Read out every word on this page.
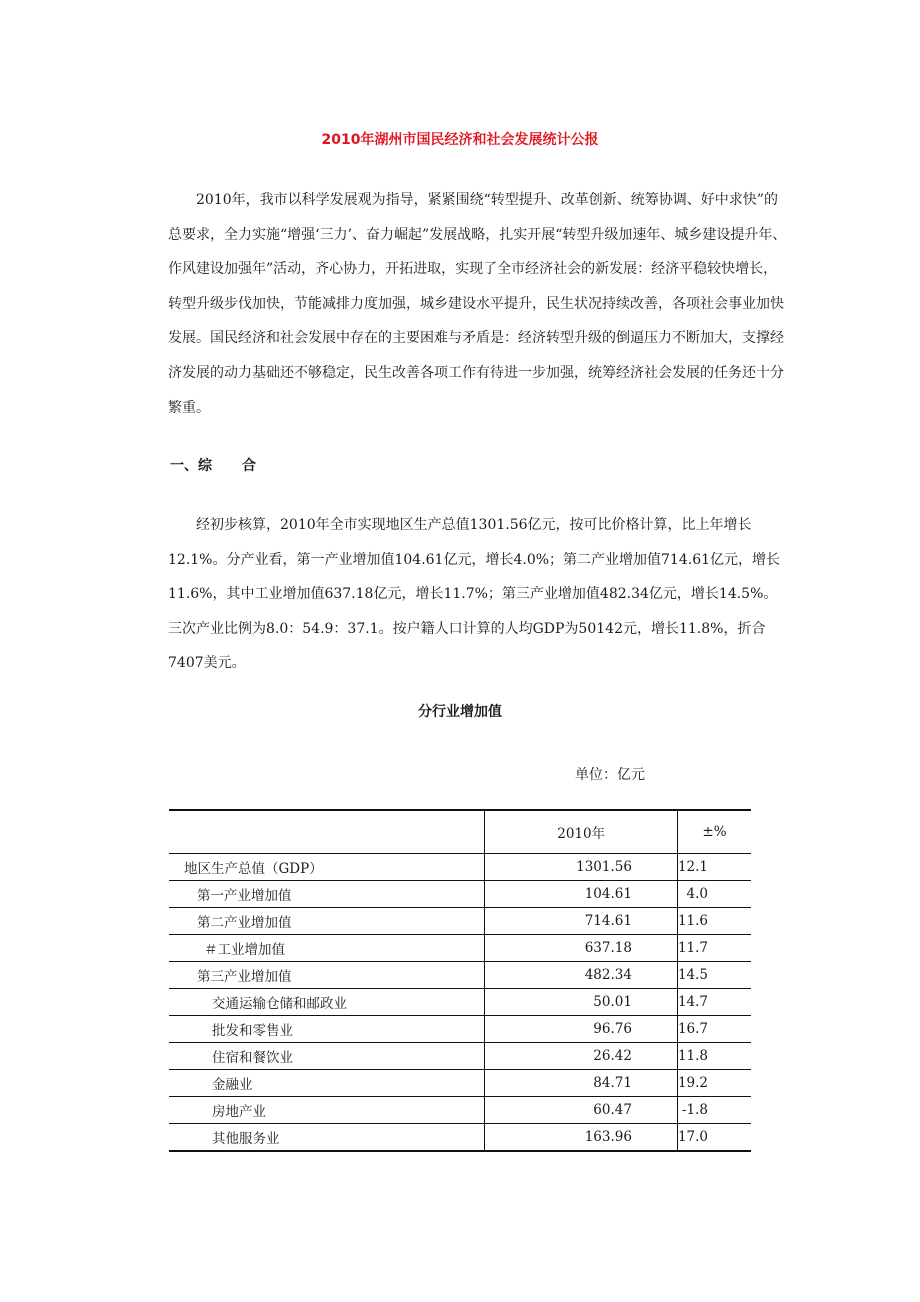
2010年湖州市国民经济和社会发展统计公报

　　2010年，我市以科学发展观为指导，紧紧围绕“转型提升、改革创新、统筹协调、好中求快”的总要求，全力实施“增强‘三力’、奋力崛起”发展战略，扎实开展“转型升级加速年、城乡建设提升年、作风建设加强年”活动，齐心协力，开拓进取，实现了全市经济社会的新发展：经济平稳较快增长，转型升级步伐加快，节能减排力度加强，城乡建设水平提升，民生状况持续改善，各项社会事业加快发展。国民经济和社会发展中存在的主要困难与矛盾是：经济转型升级的倒逼压力不断加大，支撑经济发展的动力基础还不够稳定，民生改善各项工作有待进一步加强，统筹经济社会发展的任务还十分繁重。

一、综 合

　　经初步核算，2010年全市实现地区生产总值1301.56亿元，按可比价格计算，比上年增长12.1%。分产业看，第一产业增加值104.61亿元，增长4.0%；第二产业增加值714.61亿元，增长11.6%，其中工业增加值637.18亿元，增长11.7%；第三产业增加值482.34亿元，增长14.5%。三次产业比例为8.0：54.9：37.1。按户籍人口计算的人均GDP为50142元，增长11.8%，折合7407美元。

分行业增加值
单位：亿元
	2010年	±%
地区生产总值（GDP）	1301.56	12.1
第一产业增加值	104.61	4.0
第二产业增加值	714.61	11.6
＃工业增加值	637.18	11.7
第三产业增加值	482.34	14.5
交通运输仓储和邮政业	50.01	14.7
批发和零售业	96.76	16.7
住宿和餐饮业	26.42	11.8
金融业	84.71	19.2
房地产业	60.47	-1.8
其他服务业	163.96	17.0
